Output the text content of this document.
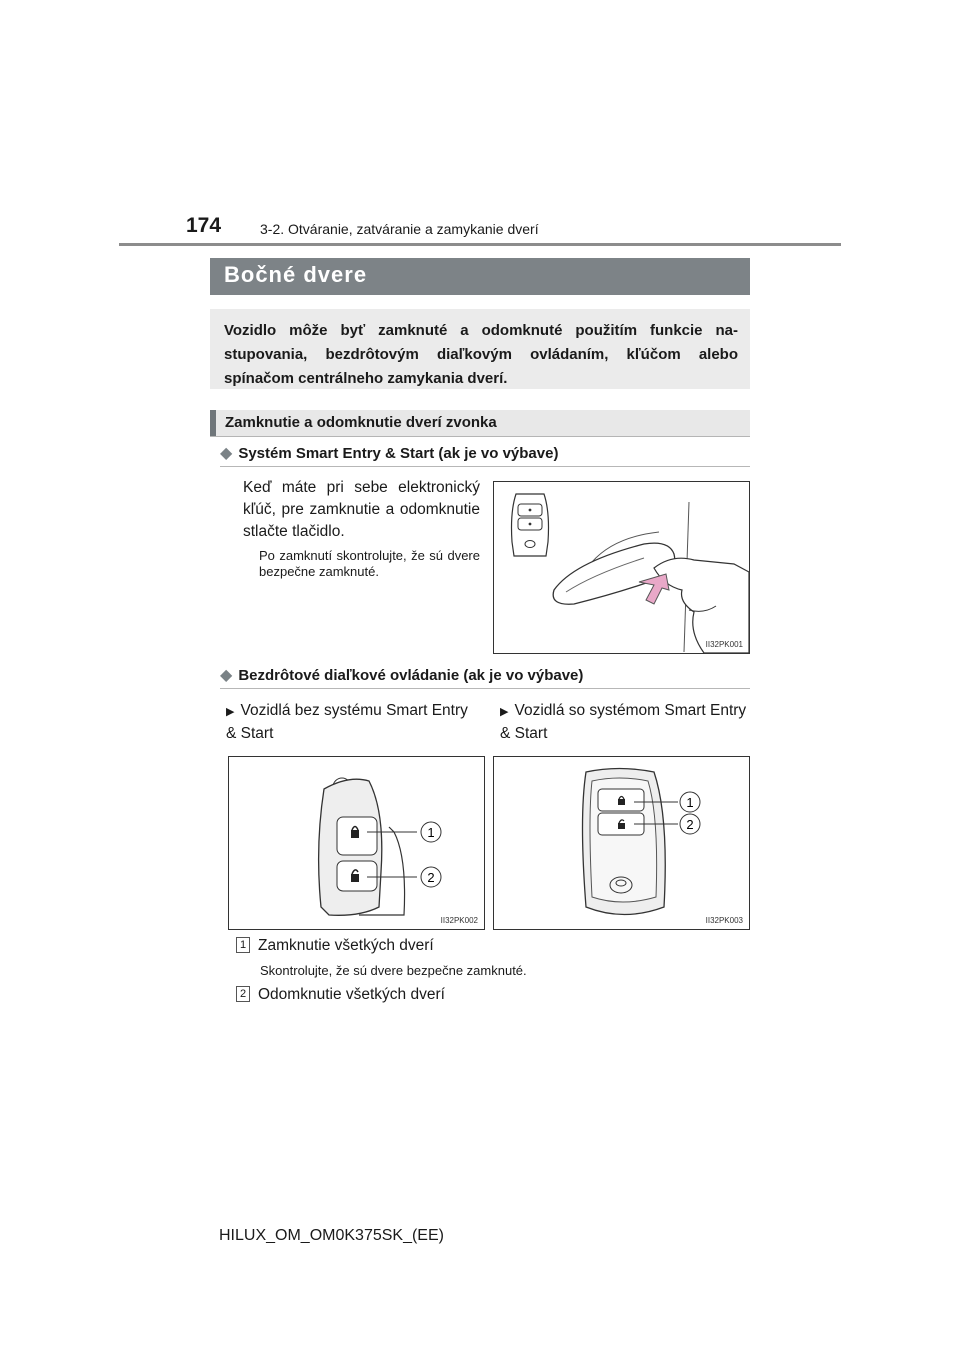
174	3-2. Otváranie, zatváranie a zamykanie dverí
Bočné dvere
Vozidlo môže byť zamknuté a odomknuté použitím funkcie na-stupovania, bezdrôtovým diaľkovým ovládaním, kľúčom alebo spínačom centrálneho zamykania dverí.
Zamknutie a odomknutie dverí zvonka
◆ Systém Smart Entry & Start (ak je vo výbave)
Keď máte pri sebe elektronický kľúč, pre zamknutie a odomknutie stlačte tlačidlo.
Po zamknutí skontrolujte, že sú dvere bezpečne zamknuté.
II32PK001
◆ Bezdrôtové diaľkové ovládanie (ak je vo výbave)
▶ Vozidlá bez systému Smart Entry & Start
▶ Vozidlá so systémom Smart Entry & Start
1
2
II32PK002
1
2
II32PK003
1 Zamknutie všetkých dverí
Skontrolujte, že sú dvere bezpečne zamknuté.
2 Odomknutie všetkých dverí
HILUX_OM_OM0K375SK_(EE)
